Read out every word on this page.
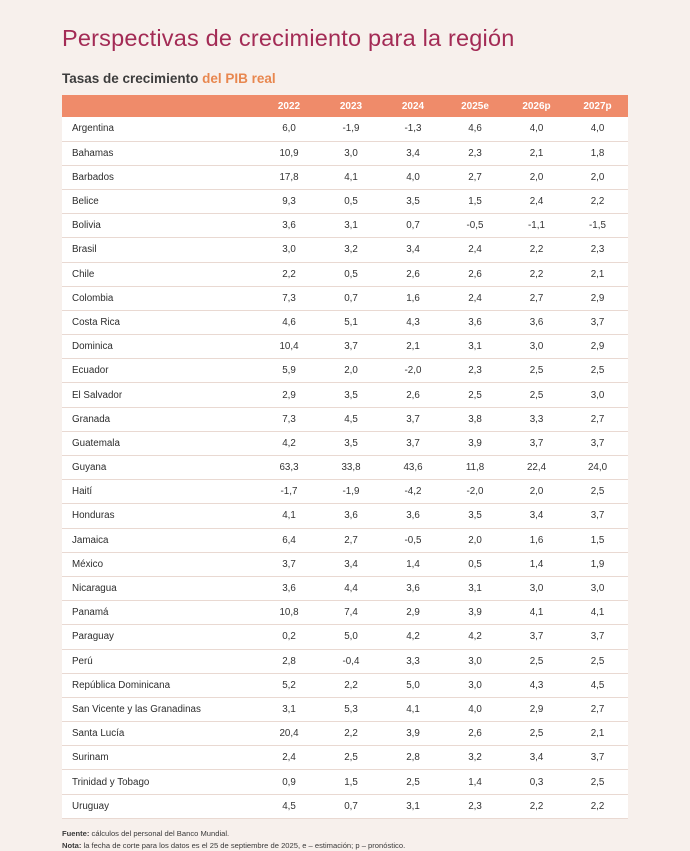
Perspectivas de crecimiento para la región
Tasas de crecimiento del PIB real
	2022	2023	2024	2025e	2026p	2027p
Argentina	6,0	-1,9	-1,3	4,6	4,0	4,0
Bahamas	10,9	3,0	3,4	2,3	2,1	1,8
Barbados	17,8	4,1	4,0	2,7	2,0	2,0
Belice	9,3	0,5	3,5	1,5	2,4	2,2
Bolivia	3,6	3,1	0,7	-0,5	-1,1	-1,5
Brasil	3,0	3,2	3,4	2,4	2,2	2,3
Chile	2,2	0,5	2,6	2,6	2,2	2,1
Colombia	7,3	0,7	1,6	2,4	2,7	2,9
Costa Rica	4,6	5,1	4,3	3,6	3,6	3,7
Dominica	10,4	3,7	2,1	3,1	3,0	2,9
Ecuador	5,9	2,0	-2,0	2,3	2,5	2,5
El Salvador	2,9	3,5	2,6	2,5	2,5	3,0
Granada	7,3	4,5	3,7	3,8	3,3	2,7
Guatemala	4,2	3,5	3,7	3,9	3,7	3,7
Guyana	63,3	33,8	43,6	11,8	22,4	24,0
Haití	-1,7	-1,9	-4,2	-2,0	2,0	2,5
Honduras	4,1	3,6	3,6	3,5	3,4	3,7
Jamaica	6,4	2,7	-0,5	2,0	1,6	1,5
México	3,7	3,4	1,4	0,5	1,4	1,9
Nicaragua	3,6	4,4	3,6	3,1	3,0	3,0
Panamá	10,8	7,4	2,9	3,9	4,1	4,1
Paraguay	0,2	5,0	4,2	4,2	3,7	3,7
Perú	2,8	-0,4	3,3	3,0	2,5	2,5
República Dominicana	5,2	2,2	5,0	3,0	4,3	4,5
San Vicente y las Granadinas	3,1	5,3	4,1	4,0	2,9	2,7
Santa Lucía	20,4	2,2	3,9	2,6	2,5	2,1
Surinam	2,4	2,5	2,8	3,2	3,4	3,7
Trinidad y Tobago	0,9	1,5	2,5	1,4	0,3	2,5
Uruguay	4,5	0,7	3,1	2,3	2,2	2,2
Fuente: cálculos del personal del Banco Mundial.
Nota: la fecha de corte para los datos es el 25 de septiembre de 2025, e – estimación; p – pronóstico.
